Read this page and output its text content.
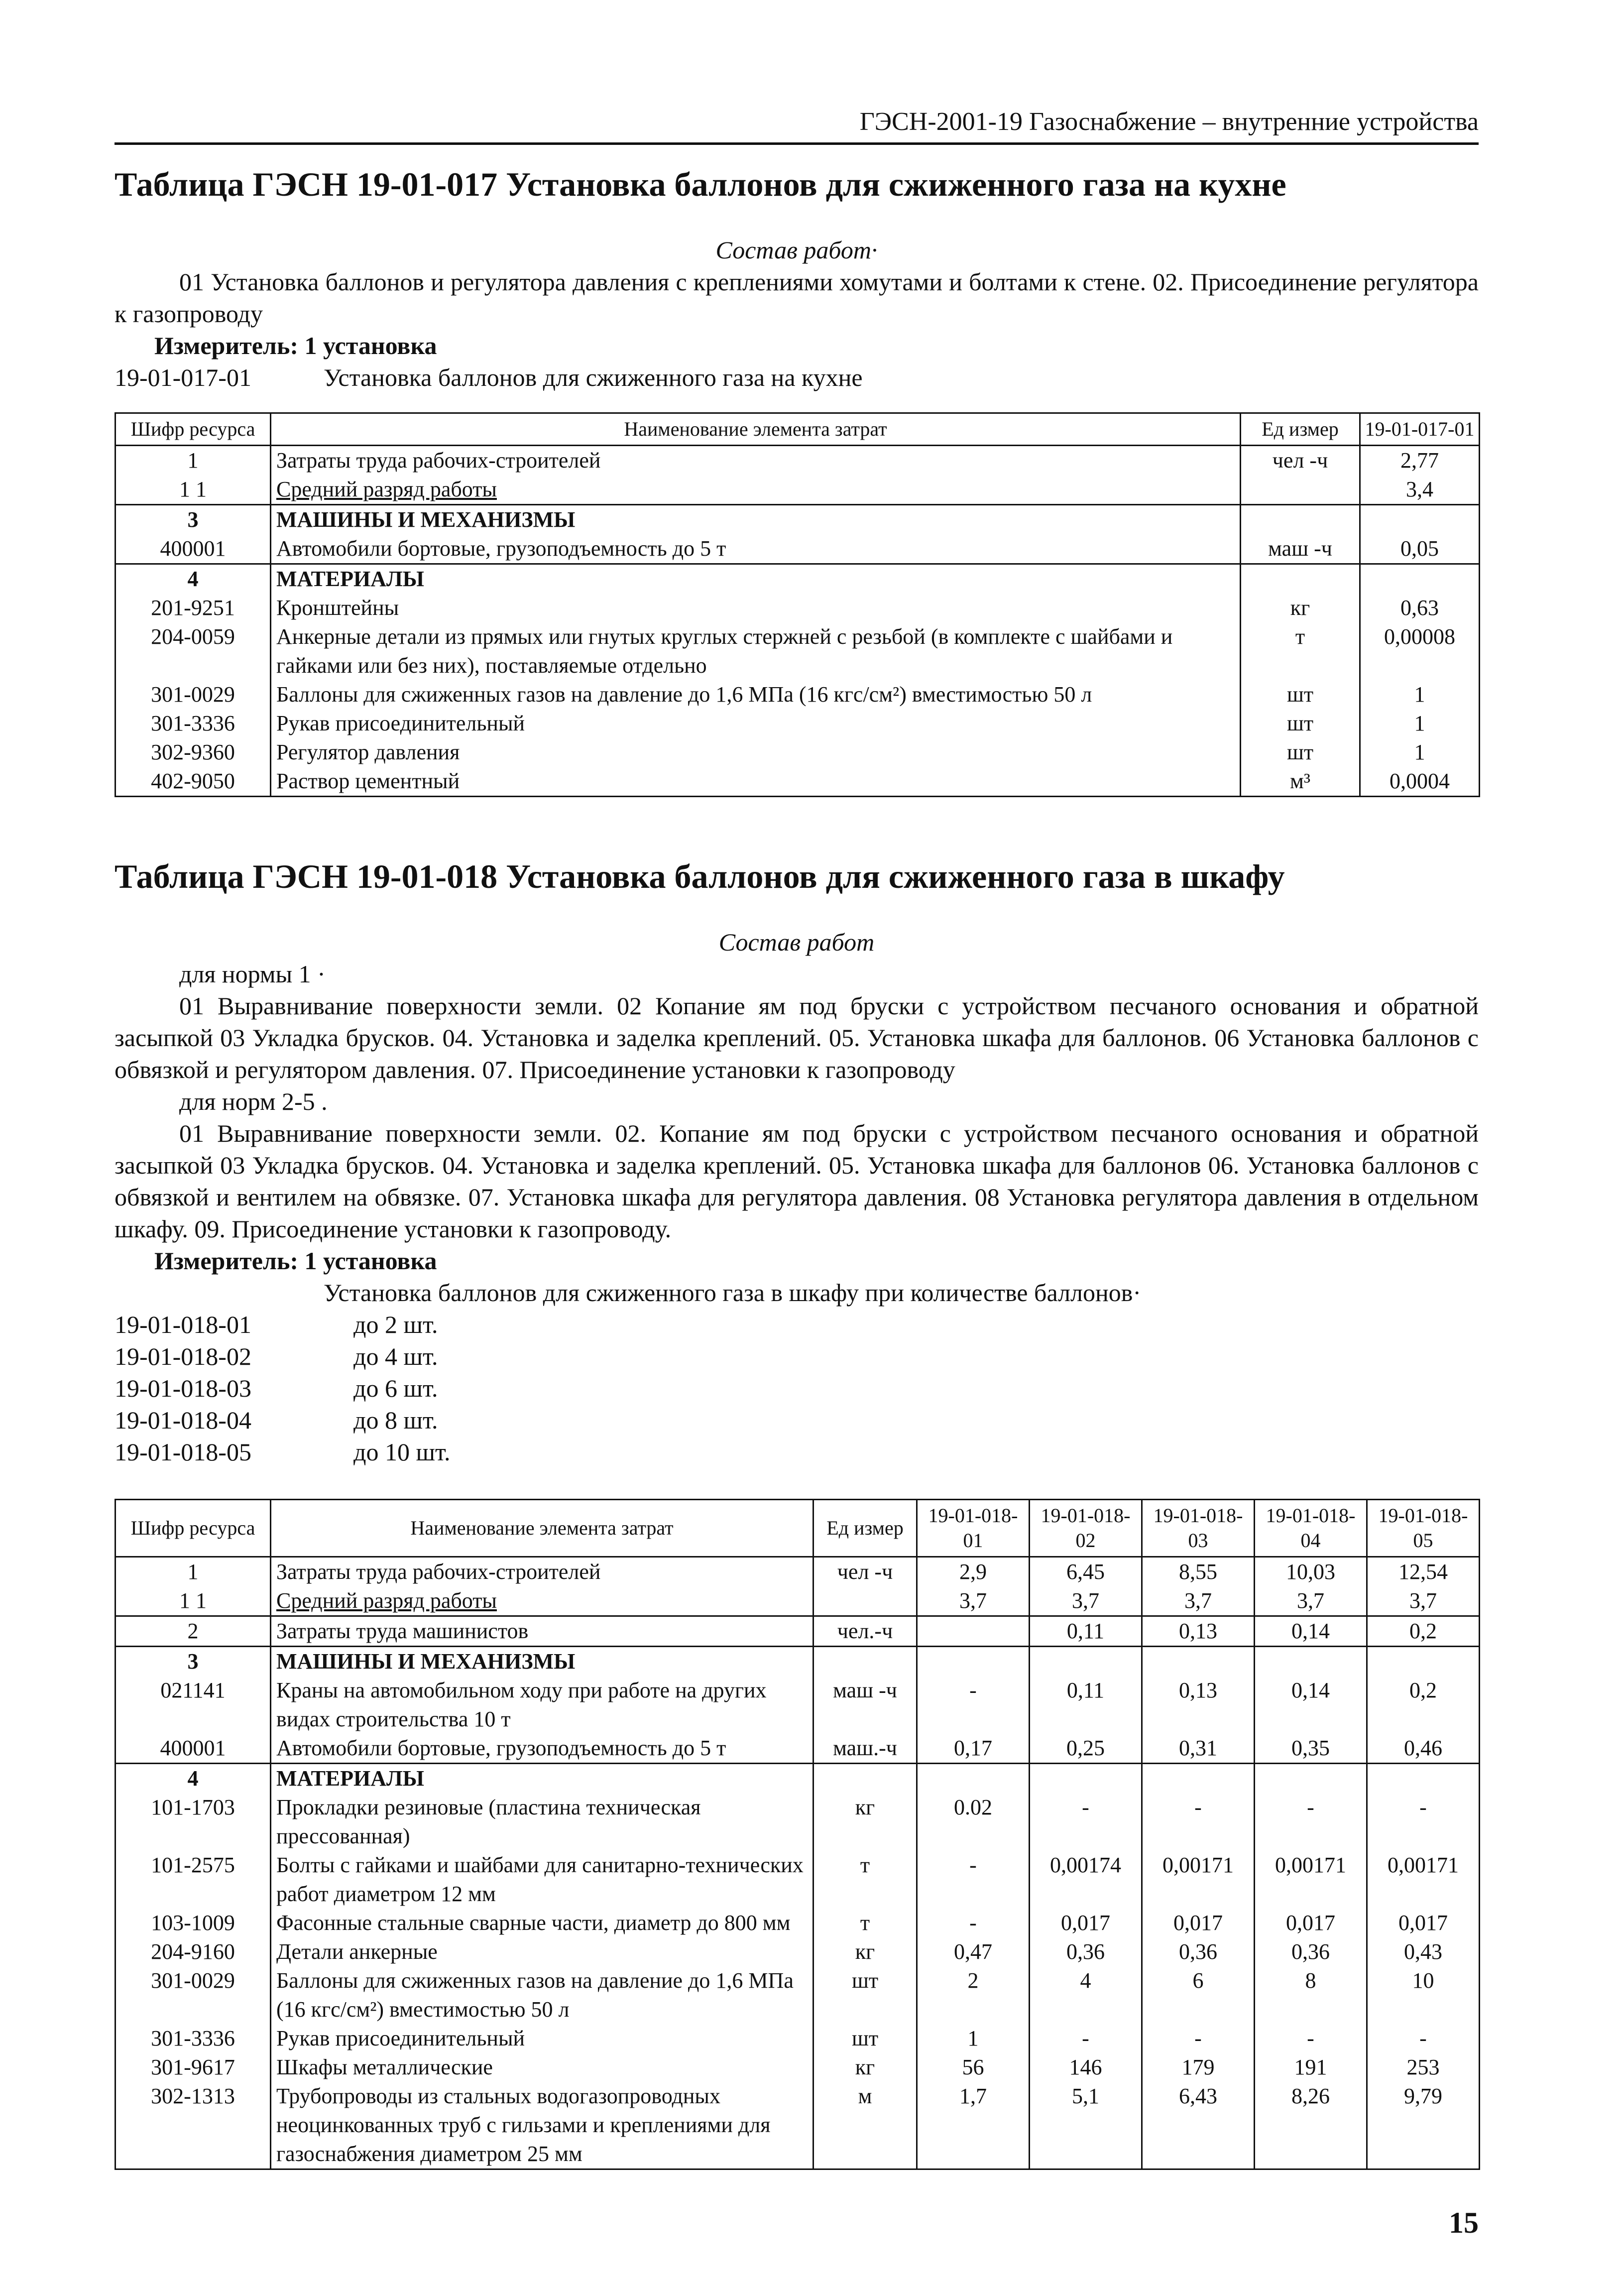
ГЭСН-2001-19 Газоснабжение – внутренние устройства
Таблица ГЭСН 19-01-017 Установка баллонов для сжиженного газа на кухне
Состав работ·
01 Установка баллонов и регулятора давления с креплениями хомутами и болтами к стене. 02. Присоединение регулятора к газопроводу
Измеритель: 1 установка
19-01-017-01	Установка баллонов для сжиженного газа на кухне
Шифр ресурса	Наименование элемента затрат	Ед измер	19-01-017-01
1	Затраты труда рабочих-строителей	чел -ч	2,77
1 1	Средний разряд работы		3,4
3	МАШИНЫ И МЕХАНИЗМЫ		
400001	Автомобили бортовые, грузоподъемность до 5 т	маш -ч	0,05
4	МАТЕРИАЛЫ		
201-9251	Кронштейны	кг	0,63
204-0059	Анкерные детали из прямых или гнутых круглых стержней с резьбой (в комплекте с шайбами и гайками или без них), поставляемые отдельно	т	0,00008
301-0029	Баллоны для сжиженных газов на давление до 1,6 МПа (16 кгс/см²) вместимостью 50 л	шт	1
301-3336	Рукав присоединительный	шт	1
302-9360	Регулятор давления	шт	1
402-9050	Раствор цементный	м³	0,0004
Таблица ГЭСН 19-01-018 Установка баллонов для сжиженного газа в шкафу
Состав работ
для нормы 1 ·
01 Выравнивание поверхности земли. 02 Копание ям под бруски с устройством песчаного основания и обратной засыпкой 03 Укладка брусков. 04. Установка и заделка креплений. 05. Установка шкафа для баллонов. 06 Установка баллонов с обвязкой и регулятором давления. 07. Присоединение установки к газопроводу
для норм 2-5 .
01 Выравнивание поверхности земли. 02. Копание ям под бруски с устройством песчаного основания и обратной засыпкой 03 Укладка брусков. 04. Установка и заделка креплений. 05. Установка шкафа для баллонов 06. Установка баллонов с обвязкой и вентилем на обвязке. 07. Установка шкафа для регулятора давления. 08 Установка регулятора давления в отдельном шкафу. 09. Присоединение установки к газопроводу.
Измеритель: 1 установка
Установка баллонов для сжиженного газа в шкафу при количестве баллонов·
19-01-018-01	до 2 шт.
19-01-018-02	до 4 шт.
19-01-018-03	до 6 шт.
19-01-018-04	до 8 шт.
19-01-018-05	до 10 шт.
Шифр ресурса	Наименование элемента затрат	Ед измер	19-01-018-01	19-01-018-02	19-01-018-03	19-01-018-04	19-01-018-05
1	Затраты труда рабочих-строителей	чел -ч	2,9	6,45	8,55	10,03	12,54
1 1	Средний разряд работы		3,7	3,7	3,7	3,7	3,7
2	Затраты труда машинистов	чел.-ч		0,11	0,13	0,14	0,2
3	МАШИНЫ И МЕХАНИЗМЫ						
021141	Краны на автомобильном ходу при работе на других видах строительства 10 т	маш -ч	-	0,11	0,13	0,14	0,2
400001	Автомобили бортовые, грузоподъемность до 5 т	маш.-ч	0,17	0,25	0,31	0,35	0,46
4	МАТЕРИАЛЫ						
101-1703	Прокладки резиновые (пластина техническая прессованная)	кг	0.02	-	-	-	-
101-2575	Болты с гайками и шайбами для санитарно-технических работ диаметром 12 мм	т	-	0,00174	0,00171	0,00171	0,00171
103-1009	Фасонные стальные сварные части, диаметр до 800 мм	т	-	0,017	0,017	0,017	0,017
204-9160	Детали анкерные	кг	0,47	0,36	0,36	0,36	0,43
301-0029	Баллоны для сжиженных газов на давление до 1,6 МПа (16 кгс/см²) вместимостью 50 л	шт	2	4	6	8	10
301-3336	Рукав присоединительный	шт	1	-	-	-	-
301-9617	Шкафы металлические	кг	56	146	179	191	253
302-1313	Трубопроводы из стальных водогазопроводных неоцинкованных труб с гильзами и креплениями для газоснабжения диаметром 25 мм	м	1,7	5,1	6,43	8,26	9,79
15
